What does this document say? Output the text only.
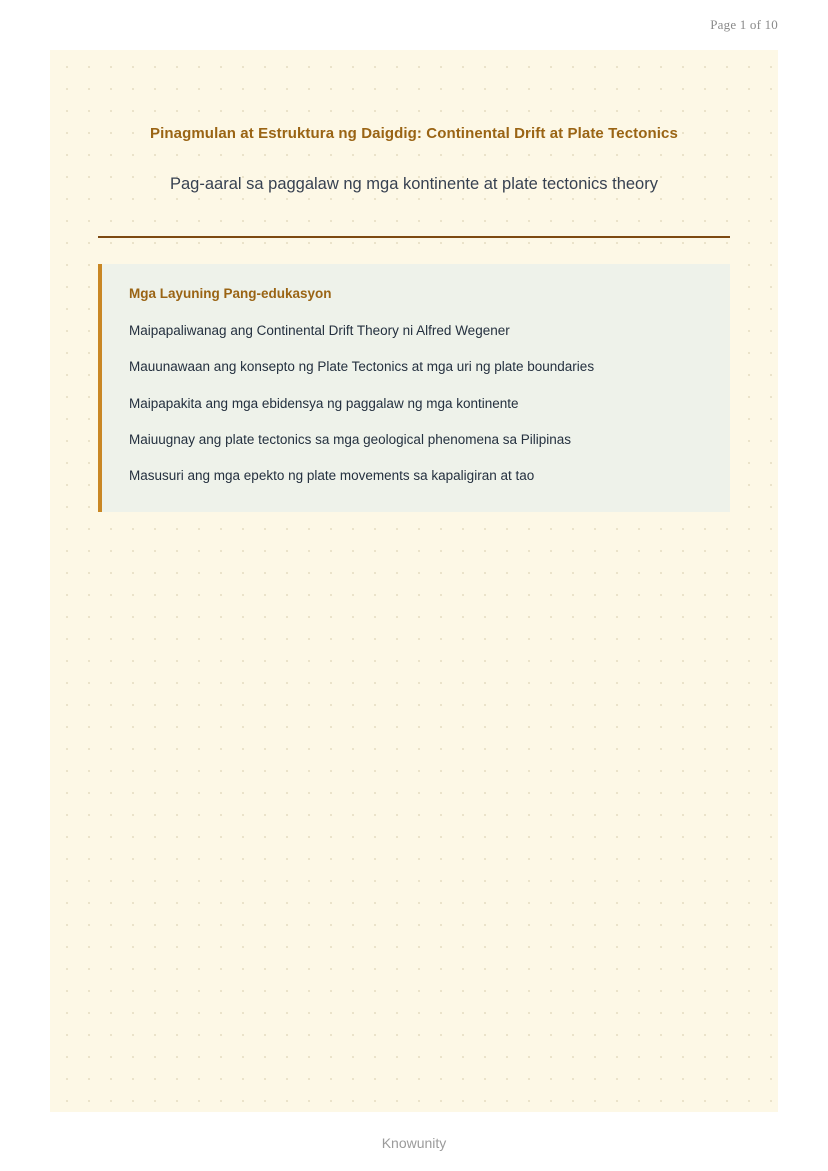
Page 1 of 10
Pinagmulan at Estruktura ng Daigdig: Continental Drift at Plate Tectonics
Pag-aaral sa paggalaw ng mga kontinente at plate tectonics theory
Mga Layuning Pang-edukasyon
Maipapaliwanag ang Continental Drift Theory ni Alfred Wegener
Mauunawaan ang konsepto ng Plate Tectonics at mga uri ng plate boundaries
Maipapakita ang mga ebidensya ng paggalaw ng mga kontinente
Maiuugnay ang plate tectonics sa mga geological phenomena sa Pilipinas
Masusuri ang mga epekto ng plate movements sa kapaligiran at tao
Knowunity
